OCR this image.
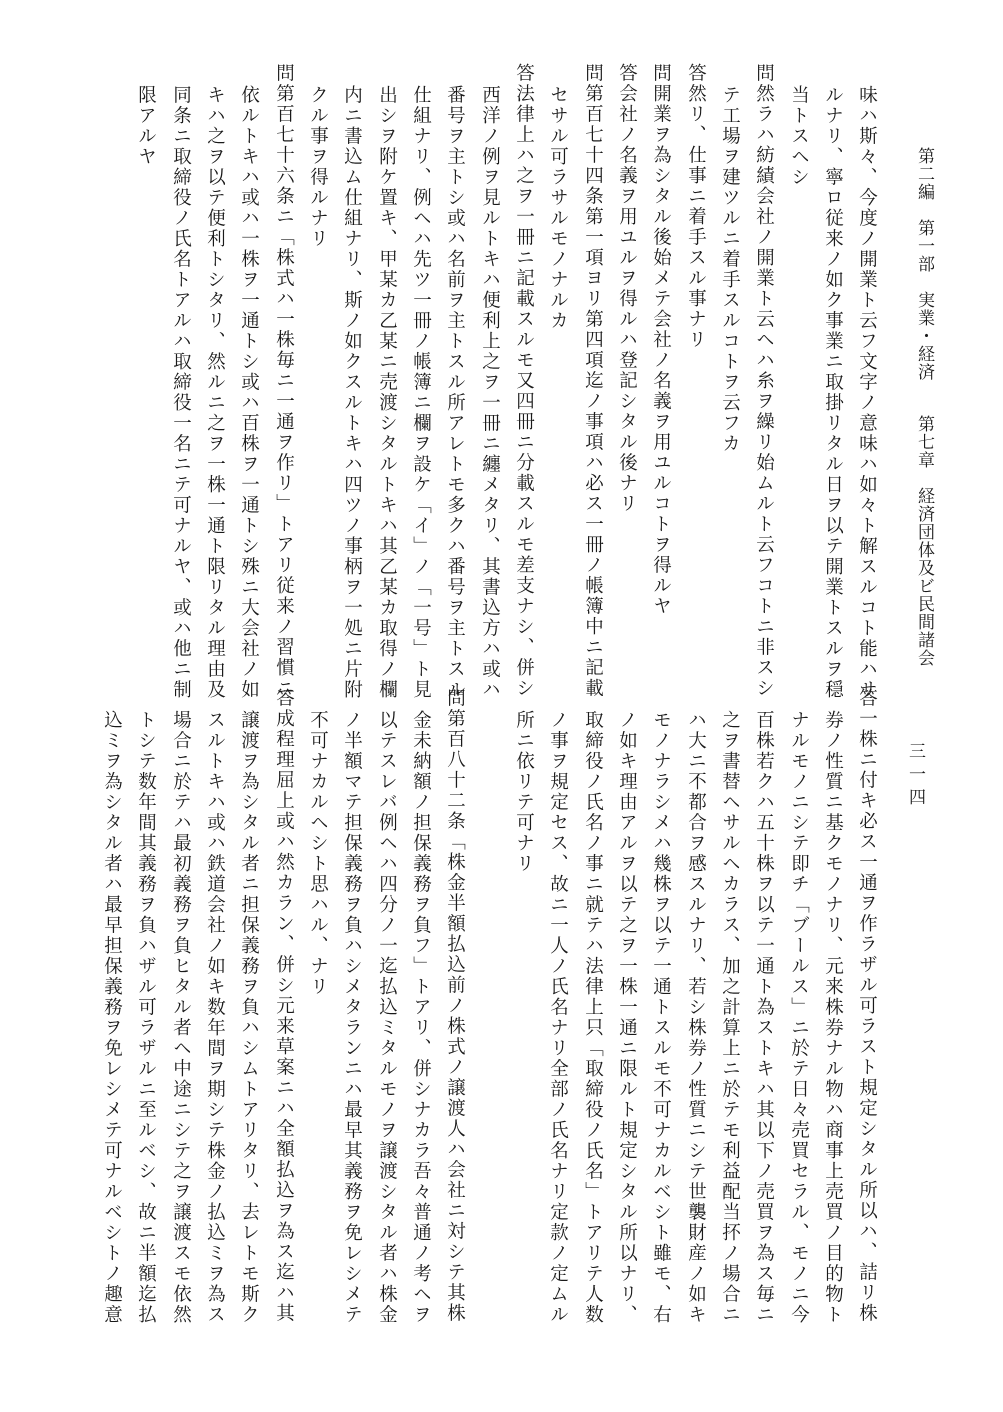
第二編　第一部　実業・経済
第七章　経済団体及ビ民間諸会
三一四
味ハ斯々、今度ノ開業ト云フ文字ノ意味ハ如々ト解スルコト能ハサ
ルナリ、寧ロ従来ノ如ク事業ニ取掛リタル日ヲ以テ開業トスルヲ穏
当トスヘシ
問然ラハ紡績会社ノ開業ト云ヘハ糸ヲ繰リ始ムルト云フコトニ非スシ
テ工場ヲ建ツルニ着手スルコトヲ云フカ
答然リ、仕事ニ着手スル事ナリ
問開業ヲ為シタル後始メテ会社ノ名義ヲ用ユルコトヲ得ルヤ
答会社ノ名義ヲ用ユルヲ得ルハ登記シタル後ナリ
問第百七十四条第一項ヨリ第四項迄ノ事項ハ必ス一冊ノ帳簿中ニ記載
セサル可ラサルモノナルカ
答法律上ハ之ヲ一冊ニ記載スルモ又四冊ニ分載スルモ差支ナシ、併シ
西洋ノ例ヲ見ルトキハ便利上之ヲ一冊ニ纏メタリ、其書込方ハ或ハ
番号ヲ主トシ或ハ名前ヲ主トスル所アレトモ多クハ番号ヲ主トスル
仕組ナリ、例ヘハ先ツ一冊ノ帳簿ニ欄ヲ設ケ「イ」ノ「一号」ト見
出シヲ附ケ置キ、甲某カ乙某ニ売渡シタルトキハ其乙某カ取得ノ欄
内ニ書込ム仕組ナリ、斯ノ如クスルトキハ四ツノ事柄ヲ一処ニ片附
クル事ヲ得ルナリ
問第百七十六条ニ「株式ハ一株毎ニ一通ヲ作リ」トアリ従来ノ習慣ニ
依ルトキハ或ハ一株ヲ一通トシ或ハ百株ヲ一通トシ殊ニ大会社ノ如
キハ之ヲ以テ便利トシタリ、然ルニ之ヲ一株一通ト限リタル理由及
同条ニ取締役ノ氏名トアルハ取締役一名ニテ可ナルヤ、或ハ他ニ制
限アルヤ
答一株ニ付キ必ス一通ヲ作ラザル可ラスト規定シタル所以ハ、詰リ株
券ノ性質ニ基クモノナリ、元来株券ナル物ハ商事上売買ノ目的物ト
ナルモノニシテ即チ「ブールス」ニ於テ日々売買セラル、モノニ今
百株若クハ五十株ヲ以テ一通ト為ストキハ其以下ノ売買ヲ為ス毎ニ
之ヲ書替ヘサルヘカラス、加之計算上ニ於テモ利益配当抔ノ場合ニ
ハ大ニ不都合ヲ感スルナリ、若シ株券ノ性質ニシテ世襲財産ノ如キ
モノナラシメハ幾株ヲ以テ一通トスルモ不可ナカルベシト雖モ、右
ノ如キ理由アルヲ以テ之ヲ一株一通ニ限ルト規定シタル所以ナリ、
取締役ノ氏名ノ事ニ就テハ法律上只「取締役ノ氏名」トアリテ人数
ノ事ヲ規定セス、故ニ一人ノ氏名ナリ全部ノ氏名ナリ定款ノ定ムル
所ニ依リテ可ナリ
問第百八十二条「株金半額払込前ノ株式ノ譲渡人ハ会社ニ対シテ其株
金未納額ノ担保義務ヲ負フ」トアリ、併シナカラ吾々普通ノ考ヘヲ
以テスレバ例ヘハ四分ノ一迄払込ミタルモノヲ譲渡シタル者ハ株金
ノ半額マテ担保義務ヲ負ハシメタランニハ最早其義務ヲ免レシメテ
不可ナカルヘシト思ハル、ナリ
答成程理屈上或ハ然カラン、併シ元来草案ニハ全額払込ヲ為ス迄ハ其
譲渡ヲ為シタル者ニ担保義務ヲ負ハシムトアリタリ、去レトモ斯ク
スルトキハ或ハ鉄道会社ノ如キ数年間ヲ期シテ株金ノ払込ミヲ為ス
場合ニ於テハ最初義務ヲ負ヒタル者ヘ中途ニシテ之ヲ譲渡スモ依然
トシテ数年間其義務ヲ負ハザル可ラザルニ至ルベシ、故ニ半額迄払
込ミヲ為シタル者ハ最早担保義務ヲ免レシメテ可ナルベシトノ趣意
